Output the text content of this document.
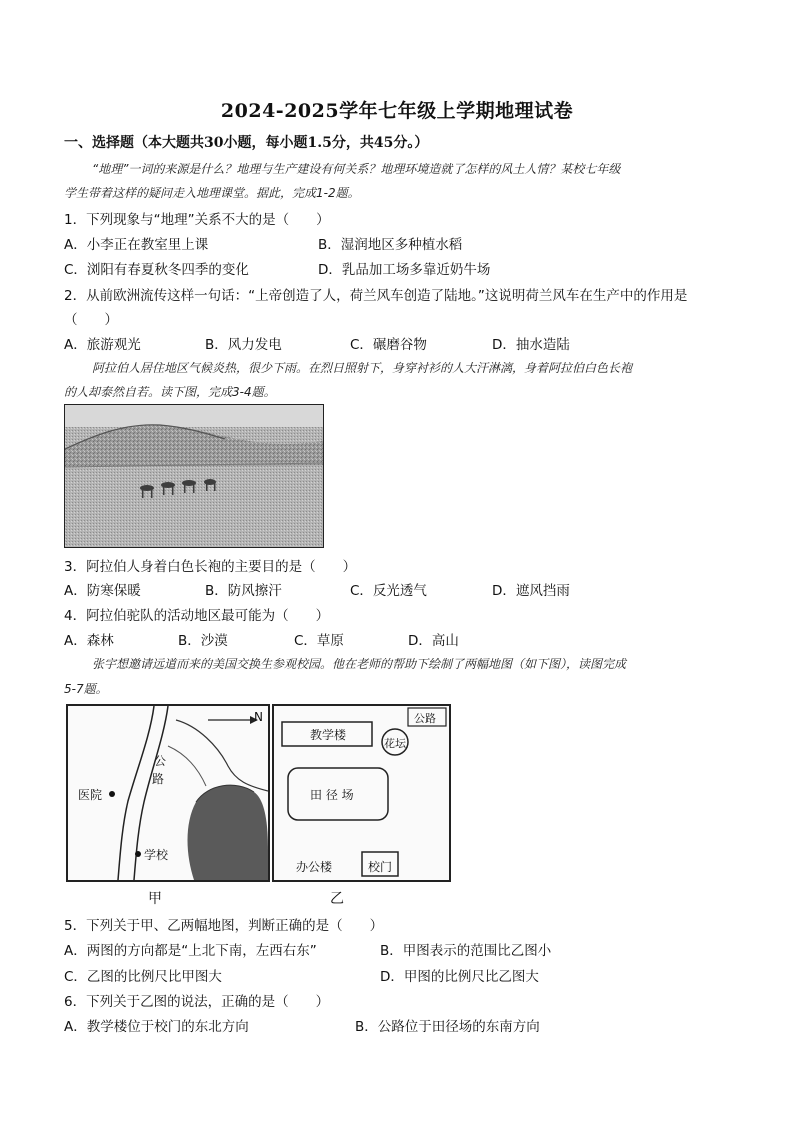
2024-2025学年七年级上学期地理试卷
一、选择题（本大题共30小题，每小题1.5分，共45分。）
“地理”一词的来源是什么？地理与生产建设有何关系？地理环境造就了怎样的风土人情？某校七年级
学生带着这样的疑问走入地理课堂。据此，完成1-2题。
1．下列现象与“地理”关系不大的是（　　）
A．小李正在教室里上课	B．湿润地区多种植水稻
C．浏阳有春夏秋冬四季的变化	D．乳品加工场多靠近奶牛场
2．从前欧洲流传这样一句话：“上帝创造了人，荷兰风车创造了陆地。”这说明荷兰风车在生产中的作用是
（　　）
A．旅游观光	B．风力发电	C．碾磨谷物	D．抽水造陆
阿拉伯人居住地区气候炎热，很少下雨。在烈日照射下，身穿衬衫的人大汗淋漓，身着阿拉伯白色长袍
的人却泰然自若。读下图，完成3-4题。
3．阿拉伯人身着白色长袍的主要目的是（　　）
A．防寒保暖	B．防风擦汗	C．反光透气	D．遮风挡雨
4．阿拉伯驼队的活动地区最可能为（　　）
A．森林	B．沙漠	C．草原	D．高山
张宇想邀请远道而来的美国交换生参观校园。他在老师的帮助下绘制了两幅地图（如下图），读图完成
5-7题。
N
公
路
医院
学校
教学楼
花坛
公路
田 径 场
办公楼	校门
甲	乙
5．下列关于甲、乙两幅地图，判断正确的是（　　）
A．两图的方向都是“上北下南，左西右东”	B．甲图表示的范围比乙图小
C．乙图的比例尺比甲图大	D．甲图的比例尺比乙图大
6．下列关于乙图的说法，正确的是（　　）
A．教学楼位于校门的东北方向	B．公路位于田径场的东南方向
